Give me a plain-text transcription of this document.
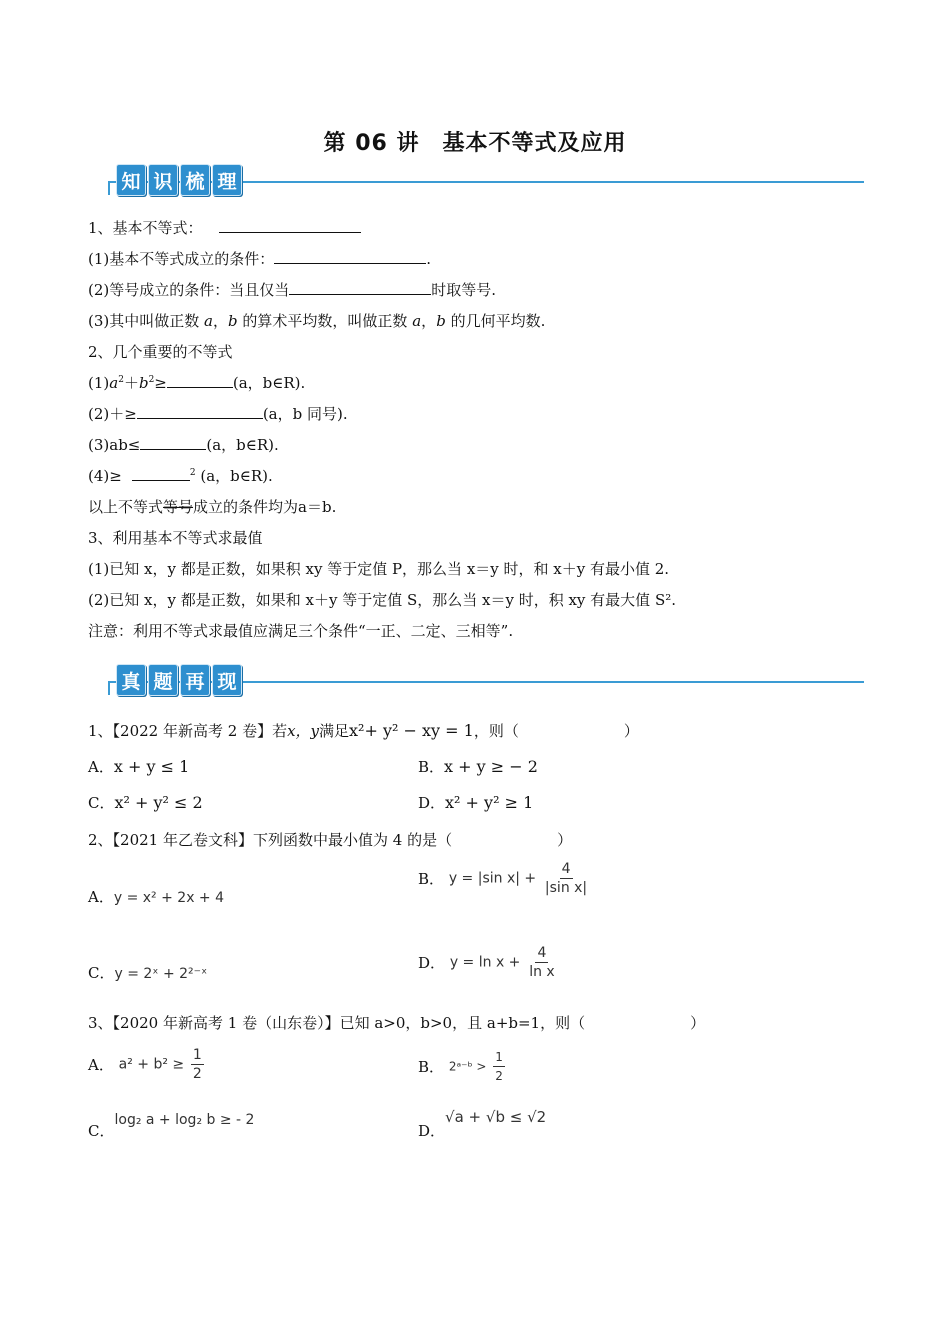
第 06 讲　基本不等式及应用
知 识 梳 理
1、基本不等式：
(1)基本不等式成立的条件：	.
(2)等号成立的条件：当且仅当	时取等号.
(3)其中叫做正数 a，b 的算术平均数，叫做正数 a，b 的几何平均数.
2、几个重要的不等式
$(1)a^2+b^2\ge$	(a，b∈R).
(2)＋≥	(a，b 同号).
(3)ab≤	(a，b∈R).
(4)≥	$^2$ (a，b∈R).
以上不等式等号成立的条件均为a＝b.
3、利用基本不等式求最值
(1)已知 x，y 都是正数，如果积 xy 等于定值 P，那么当 x＝y 时，和 x＋y 有最小值 2.
(2)已知 x，y 都是正数，如果和 x＋y 等于定值 S，那么当 x＝y 时，积 xy 有最大值 S².
注意：利用不等式求最值应满足三个条件“一正、二定、三相等”.
真 题 再 现
1、【2022 年新高考 2 卷】若x，y满足x²+ y² − xy = 1，则（　　　　　　　）
A．x + y ≤ 1	B．x + y ≥ − 2
C．x² + y² ≤ 2	D．x² + y² ≥ 1
2、【2021 年乙卷文科】下列函数中最小值为 4 的是（　　　　　　　）
A．y = x² + 2x + 4
B． y = |sin $x| + \frac{4}{\text{|sin x|}}$
C．y = 2ˣ + 2²⁻ˣ
D． $y = \ln x + \frac{4}{\text{ln x}}$
3、【2020 年新高考 1 卷（山东卷）】已知 a>0，b>0，且 a+b=1，则（　　　　　　　）
A． $a^2 + b^2 \ge \frac{1}{2}$	B． 2ᵃ⁻ᵇ > $\frac{1}{2}$
C．log₂ a + log₂ b ≥ - 2
D．√a + √b ≤ √2
